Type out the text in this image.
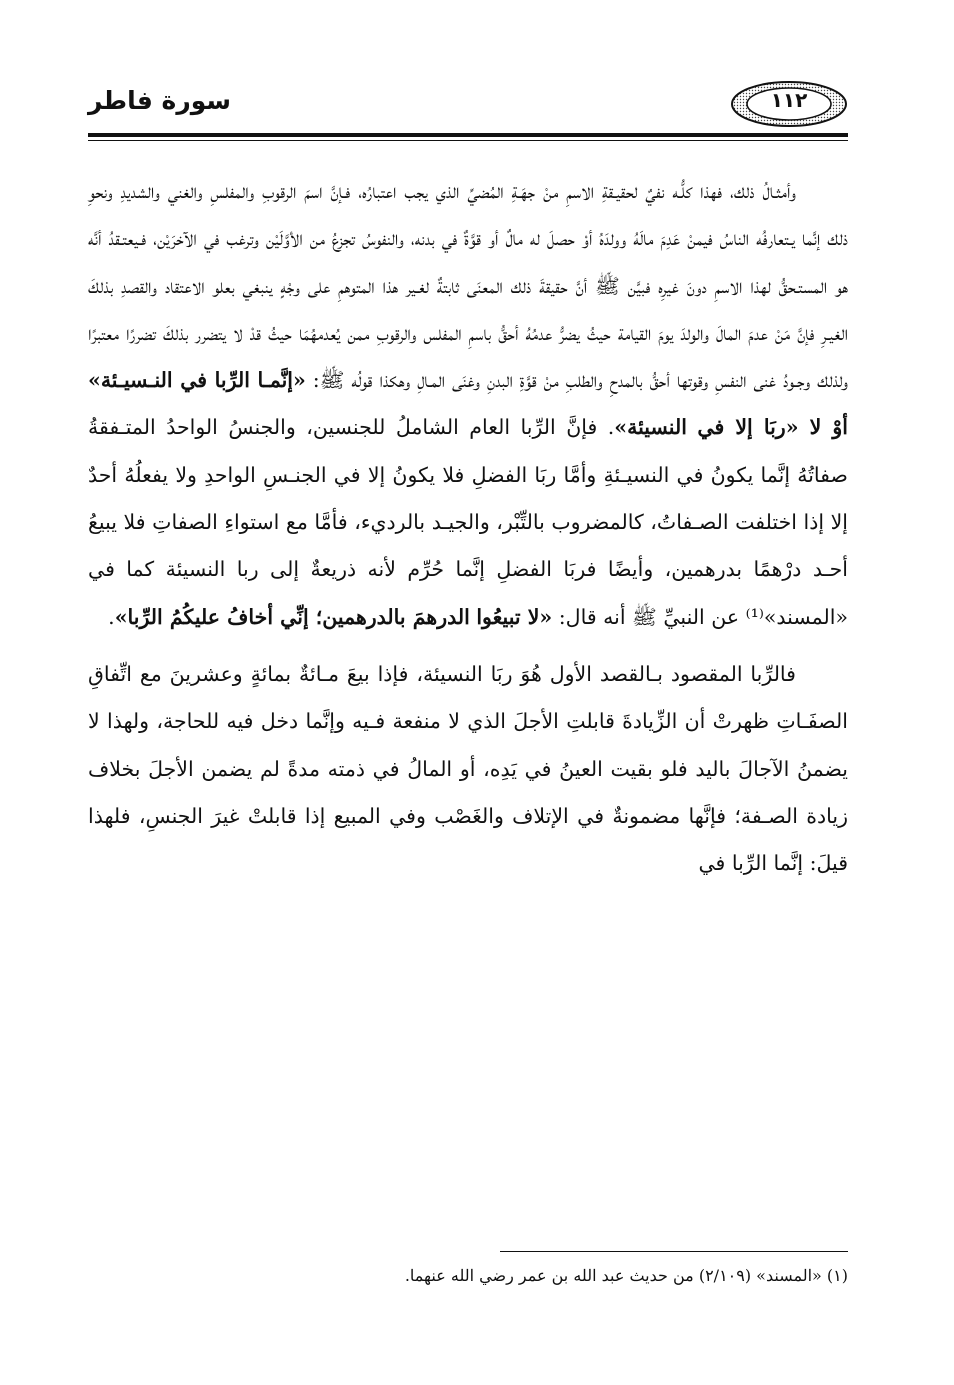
سورة فاطر	١١٢

وأمثـالُ ذلك، فهذا كلُّـه نفيٌ لحقيـقةِ الاسمِ منْ جهَـةِ المُضيِّ الذي يجب اعتبارُه، فـإنَّ اسمَ الرقوبِ والمفلسِ والغني والشديدِ ونحوِ ذلك إنَّما يـتعارفُه الناسُ فيمنْ عَدِمَ مالَهُ وولدَهُ أوْ حصلَ له مالٌ أو قوَّةٌ في بدنه، والنفوسُ تجزعُ من الأوَّلَيْن وترغب في الآخرَيْن، فـيعتـقدُ أنَّه هو المستـحقُّ لهذا الاسمِ دونَ غيرِه فبيَّن ﷺ أنَّ حقيقةَ ذلك المعنَى ثابتةٌ لغـير هذا المتوهمِ على وجْهٍ ينبغي بعلو الاعتقاد والقصدِ بذلكَ الغيـرِ فإنَّ مَنْ عدمَ المالَ والولدَ يومَ القيامة حيثُ يضرُّ عدمُهُ أحقُّ باسمِ المفلس والرقوبِ ممن يُعدمهُمَا حيثُ قدْ لا يتضرر بذلكَ تضررًا معتبرًا ولذلك وجـودُ غنى النفسِ وقوتها أحقُّ بالمدحِ والطلبِ منْ قوَّةِ البدنِ وغنَى المـالِ وهكذا قولُه ﷺ: «إنَّمـا الرِّبا في النـسيـئة» أوْ لا «ربَا إلا في النسيئة». فإنَّ الرِّبا العام الشاملُ للجنسين، والجنسُ الواحدُ المتـفقةُ صفاتُهُ إنَّما يكونُ في النسيـئةِ وأمَّا ربَا الفضلِ فلا يكونُ إلا في الجنـسِ الواحدِ ولا يفعلُهُ أحدٌ إلا إذا اختلفت الصـفاتُ، كالمضروب بالتِّبْر، والجيـد بالرديء، فأمَّا مع استواءِ الصفاتِ فلا يبيعُ أحـد درْهمًا بدرهمين، وأيضًا فربَا الفضلِ إنَّما حُرِّم لأنه ذريعةٌ إلى ربا النسيئة كما في «المسند»⁽¹⁾ عن النبيِّ ﷺ أنه قال: «لا تبيعُوا الدرهمَ بالدرهمين؛ إنِّي أخافُ عليكُمُ الرِّبا».

فالرِّبا المقصود بـالقصد الأول هُوَ ربَا النسيئة، فإذا بيعَ مـائةٌ بمائةٍ وعشرينَ مع اتِّفاقِ الصفَـاتِ ظهرتْ أن الزِّيادةَ قابلتِ الأجلَ الذي لا منفعة فـيه وإنَّما دخل فيه للحاجة، ولهذا لا يضمنُ الآجالَ باليد فلو بقيت العينُ في يَدِه، أو المالُ في ذمته مدةً لم يضمن الأجلَ بخلاف زيادة الصـفة؛ فإنَّها مضمونةٌ في الإتلاف والغَصْب وفي المبيع إذا قابلتْ غيرَ الجنسِ، فلهذا قيلَ: إنَّما الرِّبا في

(١) «المسند» (٢/١٠٩) من حديث عبد الله بن عمر رضي الله عنهما.
